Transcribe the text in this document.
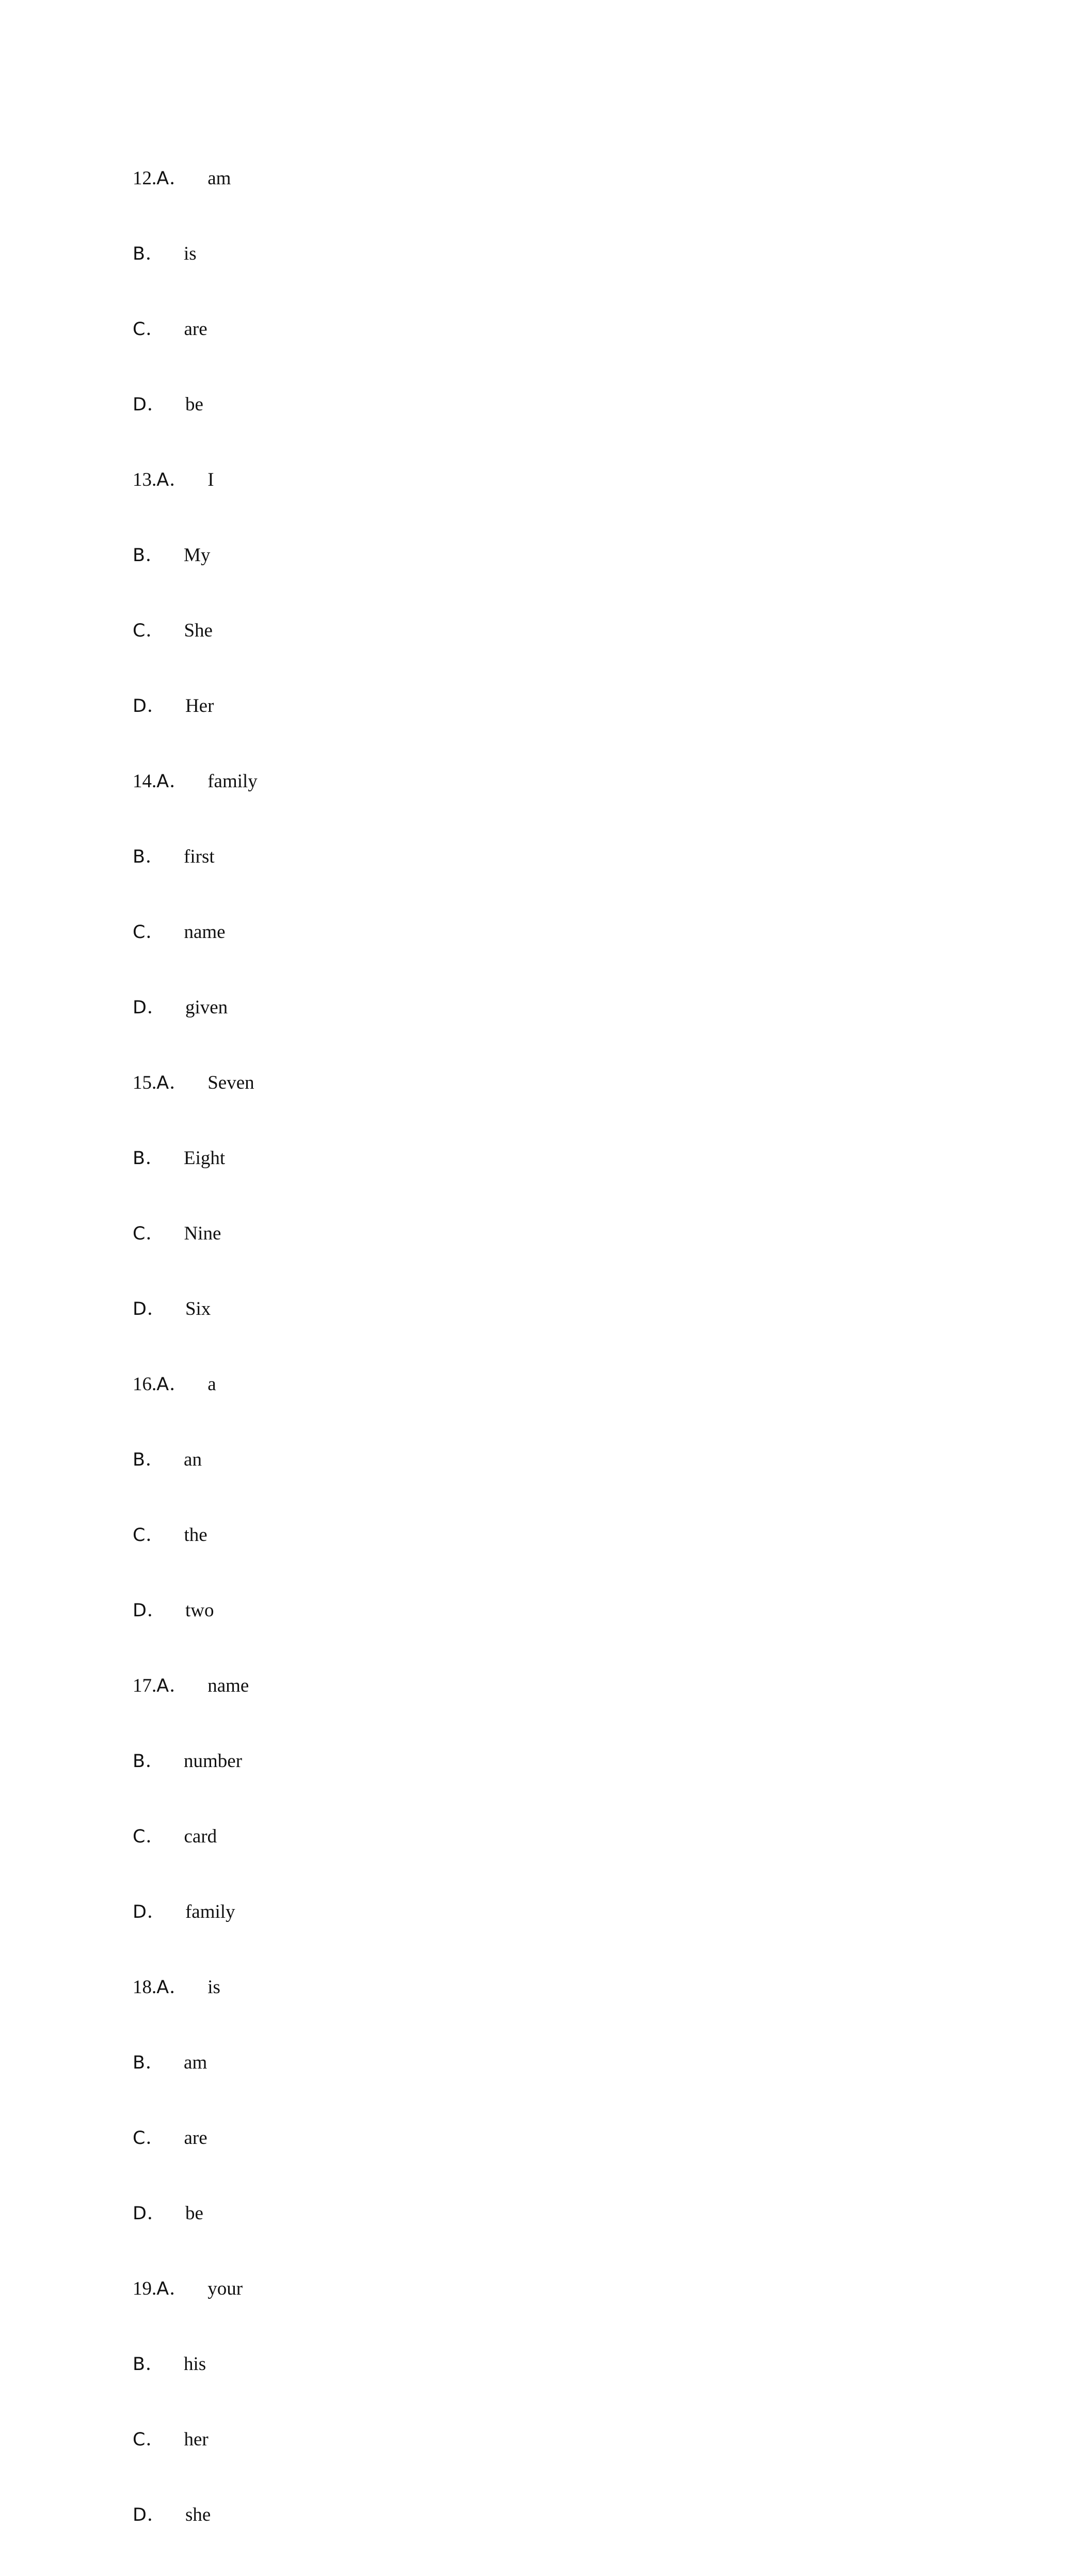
12. A ． am
B ． is
C ． are
D ． be
13. A ． I
B ． My
C ． She
D ． Her
14. A ． family
B ． first
C ． name
D ． given
15. A ． Seven
B ． Eight
C ． Nine
D ． Six
16. A ． a
B ． an
C ． the
D ． two
17. A ． name
B ． number
C ． card
D ． family
18. A ． is
B ． am
C ． are
D ． be
19. A ． your
B ． his
C ． her
D ． she
